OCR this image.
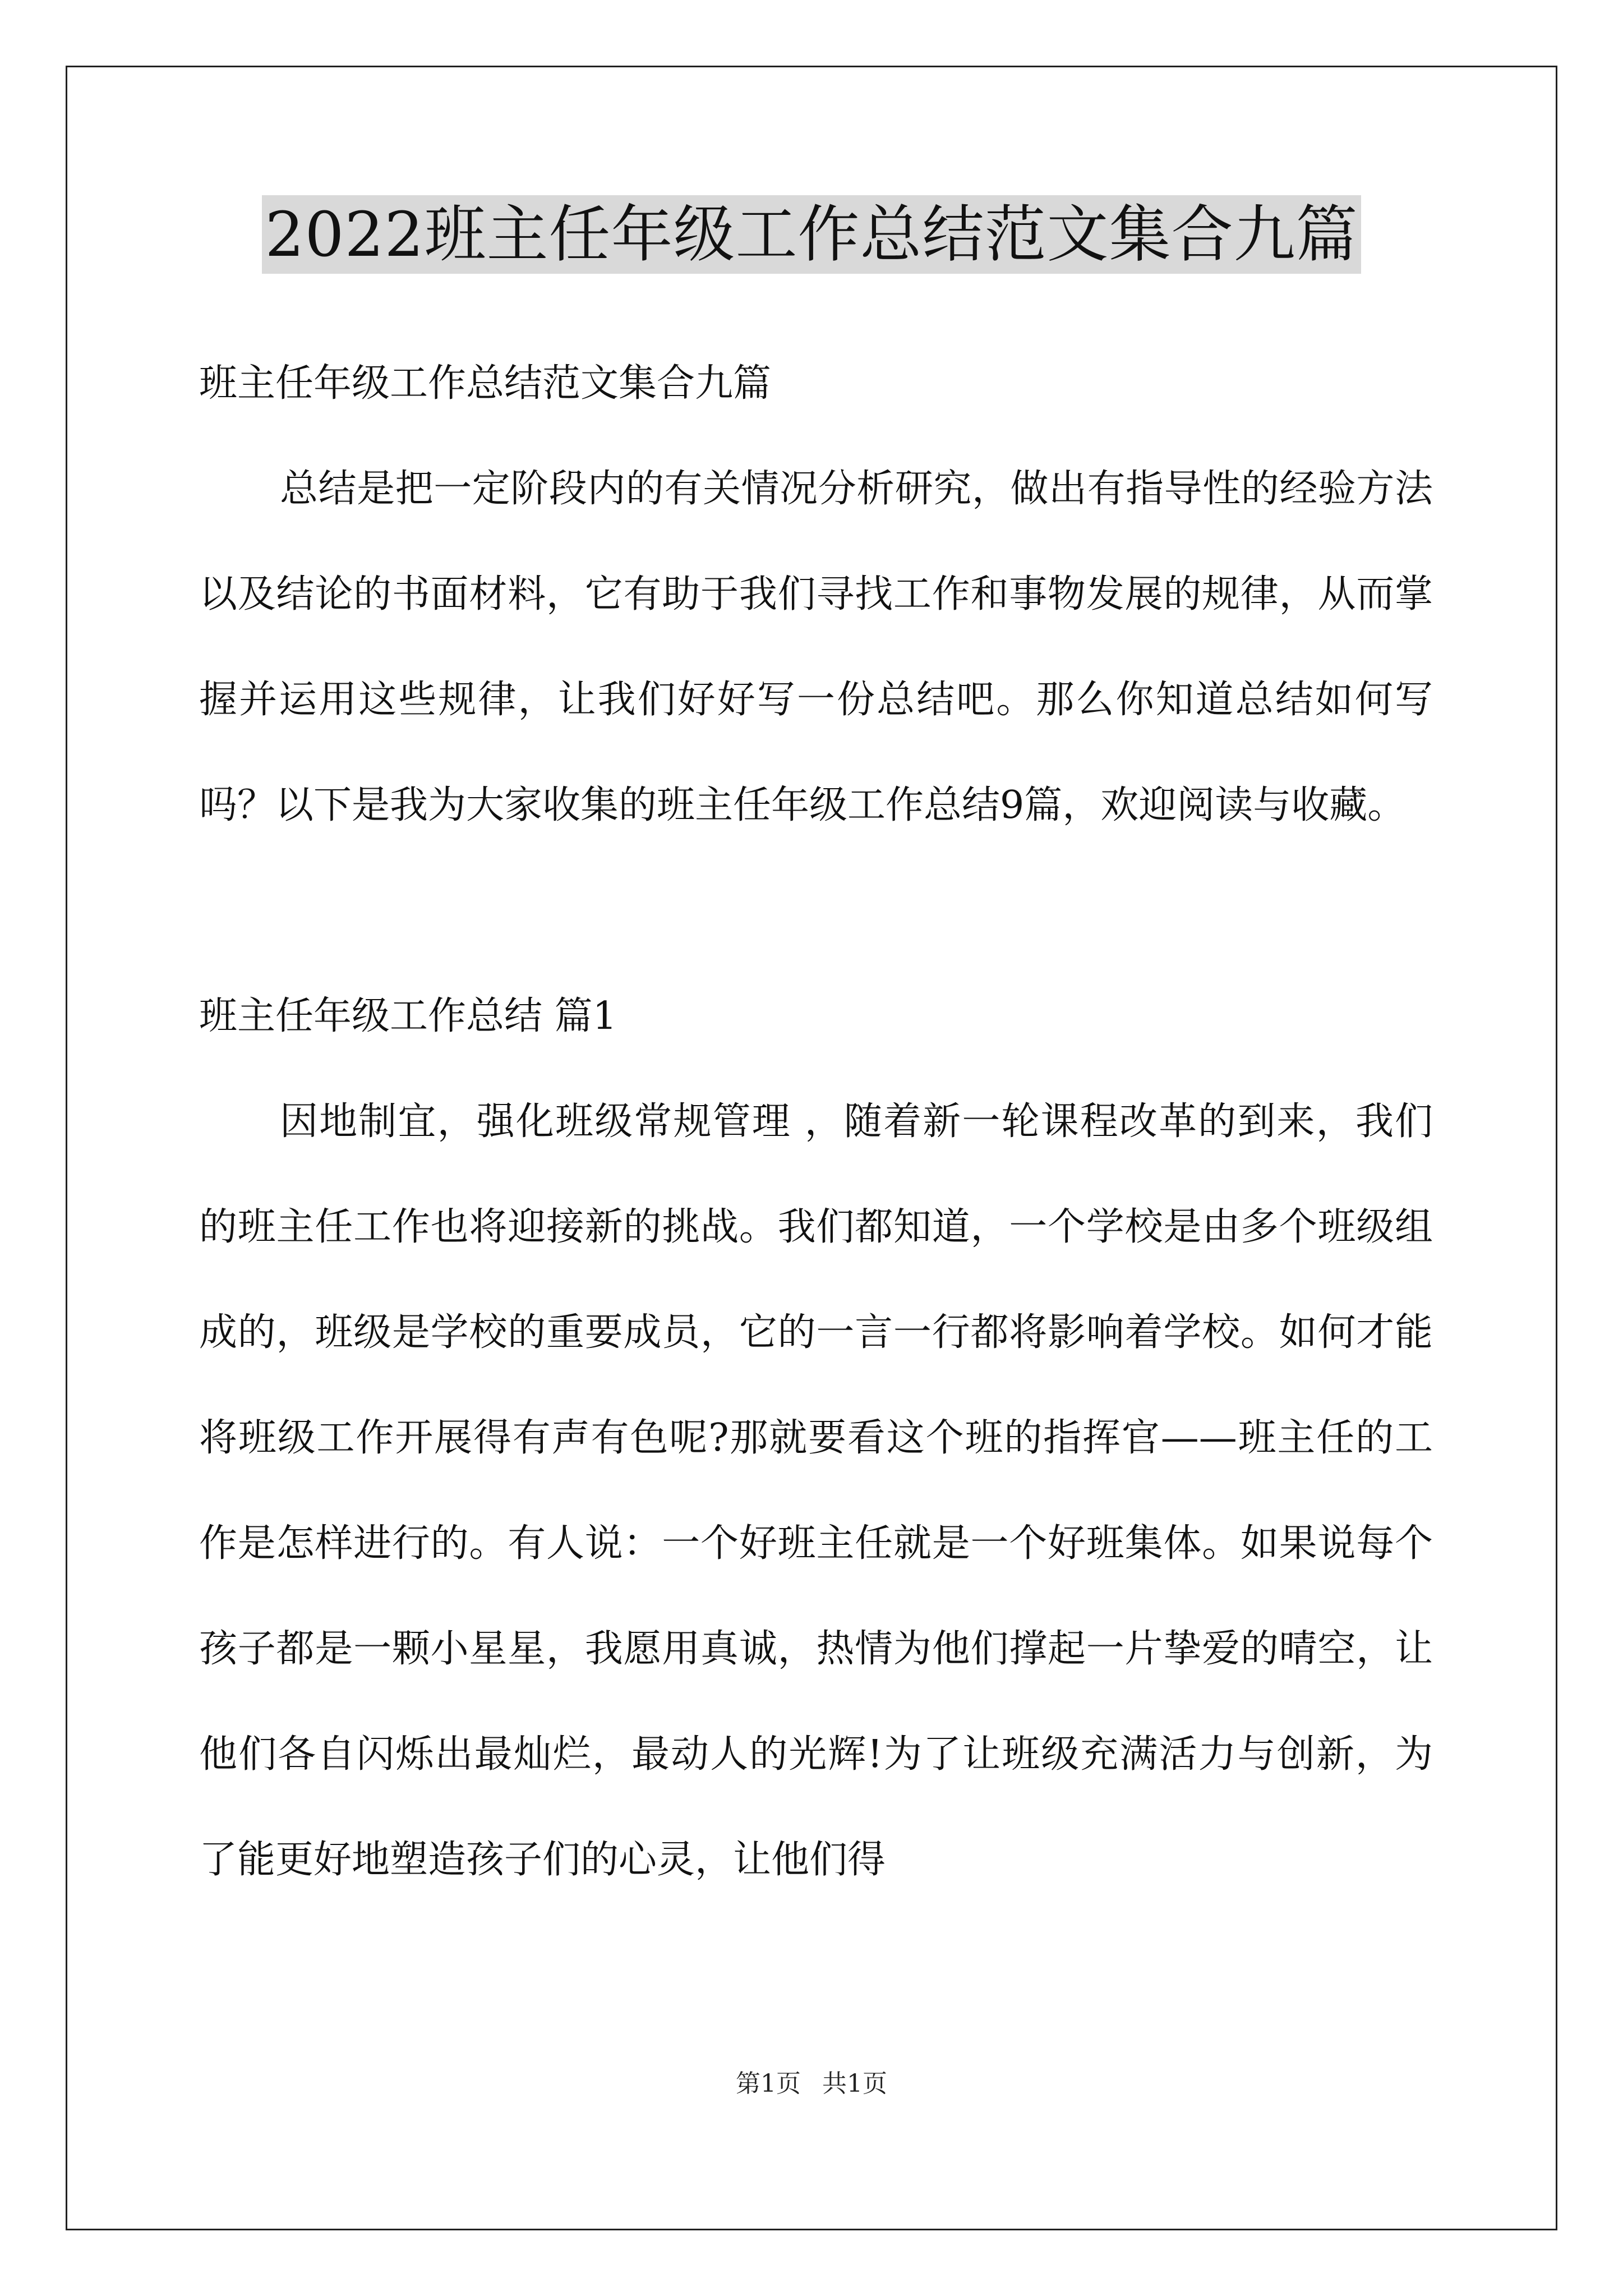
2022班主任年级工作总结范文集合九篇

班主任年级工作总结范文集合九篇

总结是把一定阶段内的有关情况分析研究，做出有指导性的经验方法以及结论的书面材料，它有助于我们寻找工作和事物发展的规律，从而掌握并运用这些规律，让我们好好写一份总结吧。那么你知道总结如何写吗？以下是我为大家收集的班主任年级工作总结9篇，欢迎阅读与收藏。

班主任年级工作总结 篇1

因地制宜，强化班级常规管理 ，随着新一轮课程改革的到来，我们的班主任工作也将迎接新的挑战。我们都知道，一个学校是由多个班级组成的，班级是学校的重要成员，它的一言一行都将影响着学校。如何才能将班级工作开展得有声有色呢?那就要看这个班的指挥官——班主任的工作是怎样进行的。有人说：一个好班主任就是一个好班集体。如果说每个孩子都是一颗小星星，我愿用真诚，热情为他们撑起一片挚爱的晴空，让他们各自闪烁出最灿烂，最动人的光辉!为了让班级充满活力与创新，为了能更好地塑造孩子们的心灵，让他们得

第1页 共1页
